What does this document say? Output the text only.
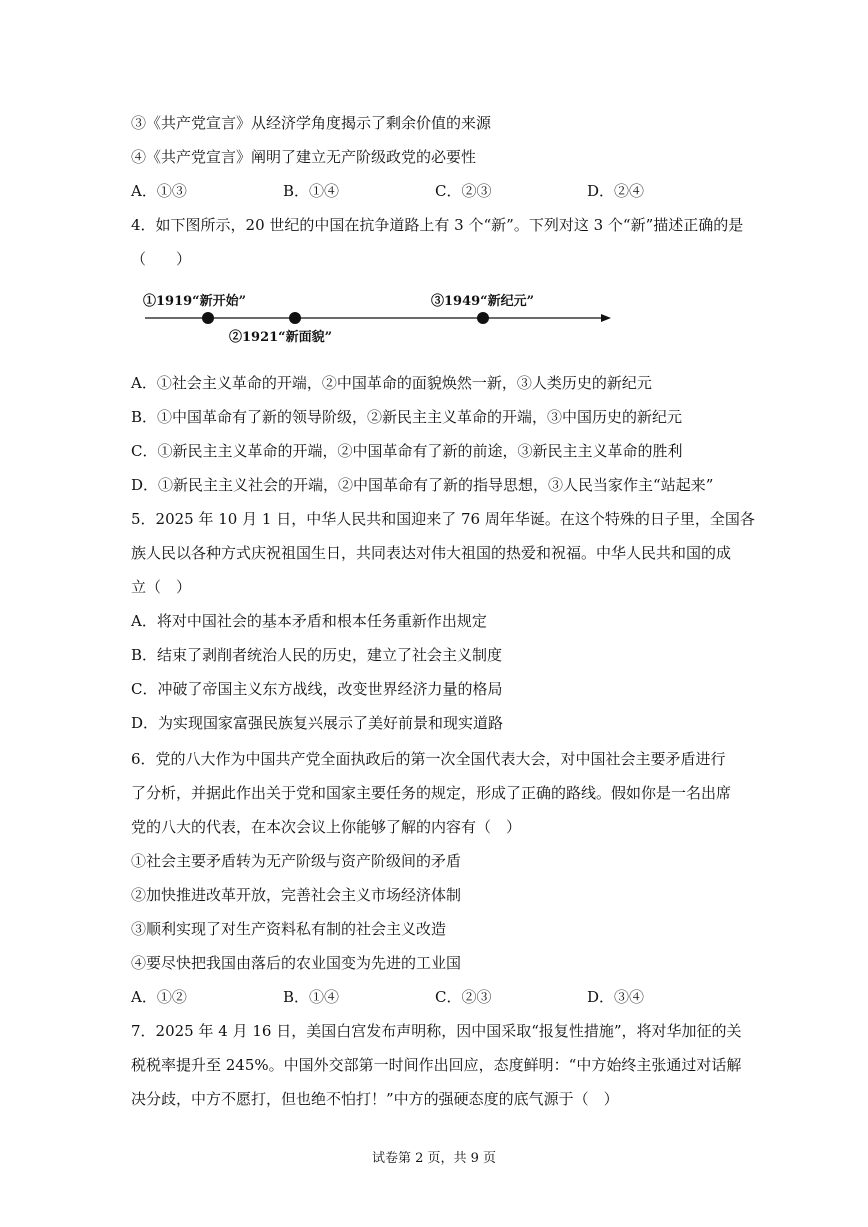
③《共产党宣言》从经济学角度揭示了剩余价值的来源
④《共产党宣言》阐明了建立无产阶级政党的必要性
A．①③	B．①④	C．②③	D．②④
4．如下图所示，20 世纪的中国在抗争道路上有 3 个“新”。下列对这 3 个“新”描述正确的是
（　　）
①1919“新开始”
②1921“新面貌”
③1949“新纪元”
A．①社会主义革命的开端，②中国革命的面貌焕然一新，③人类历史的新纪元
B．①中国革命有了新的领导阶级，②新民主主义革命的开端，③中国历史的新纪元
C．①新民主主义革命的开端，②中国革命有了新的前途，③新民主主义革命的胜利
D．①新民主主义社会的开端，②中国革命有了新的指导思想，③人民当家作主“站起来”
5．2025 年 10 月 1 日，中华人民共和国迎来了 76 周年华诞。在这个特殊的日子里，全国各
族人民以各种方式庆祝祖国生日，共同表达对伟大祖国的热爱和祝福。中华人民共和国的成
立（　）
A．将对中国社会的基本矛盾和根本任务重新作出规定
B．结束了剥削者统治人民的历史，建立了社会主义制度
C．冲破了帝国主义东方战线，改变世界经济力量的格局
D．为实现国家富强民族复兴展示了美好前景和现实道路
6．党的八大作为中国共产党全面执政后的第一次全国代表大会，对中国社会主要矛盾进行
了分析，并据此作出关于党和国家主要任务的规定，形成了正确的路线。假如你是一名出席
党的八大的代表，在本次会议上你能够了解的内容有（　）
①社会主要矛盾转为无产阶级与资产阶级间的矛盾
②加快推进改革开放，完善社会主义市场经济体制
③顺利实现了对生产资料私有制的社会主义改造
④要尽快把我国由落后的农业国变为先进的工业国
A．①②	B．①④	C．②③	D．③④
7．2025 年 4 月 16 日，美国白宫发布声明称，因中国采取“报复性措施”，将对华加征的关
税税率提升至 245%。中国外交部第一时间作出回应，态度鲜明：“中方始终主张通过对话解
决分歧，中方不愿打，但也绝不怕打！”中方的强硬态度的底气源于（　）
试卷第 2 页，共 9 页
